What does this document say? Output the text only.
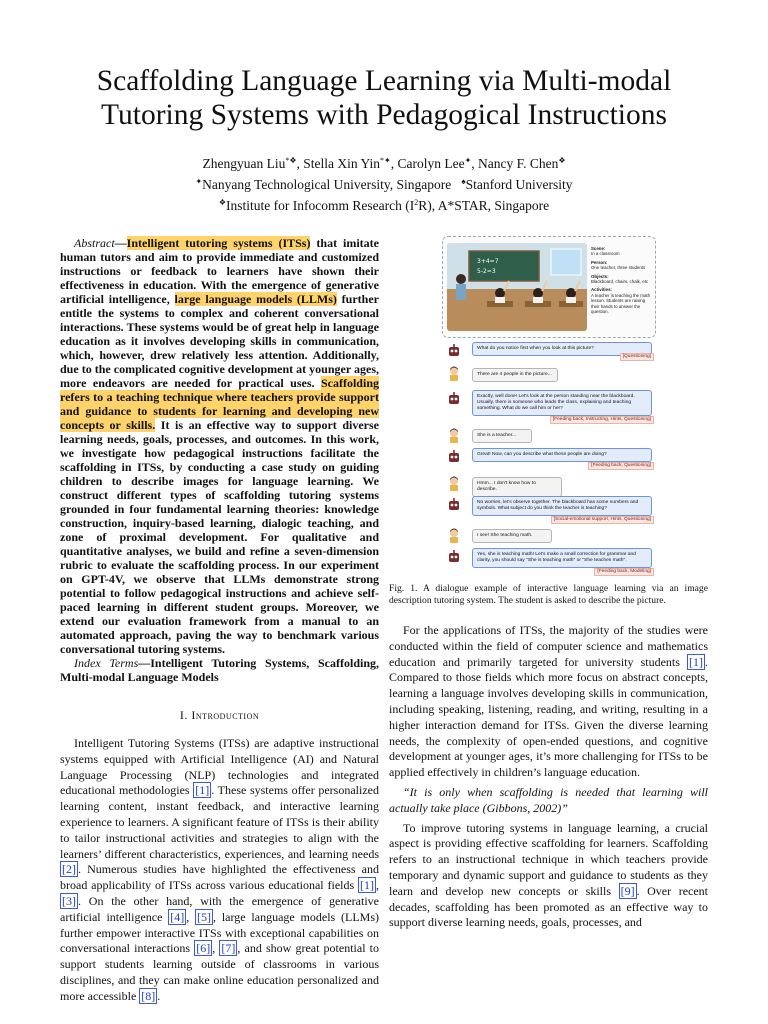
Scaffolding Language Learning via Multi-modal
Tutoring Systems with Pedagogical Instructions
Zhengyuan Liu*❖, Stella Xin Yin*✦, Carolyn Lee✦, Nancy F. Chen❖
✦Nanyang Technological University, Singapore ♠Stanford University
❖Institute for Infocomm Research $(I^2R)$, A*STAR, Singapore

Abstract—Intelligent tutoring systems (ITSs) that imitate human tutors and aim to provide immediate and customized instructions or feedback to learners have shown their effectiveness in education. With the emergence of generative artificial intelligence, large language models (LLMs) further entitle the systems to complex and coherent conversational interactions. These systems would be of great help in language education as it involves developing skills in communication, which, however, drew relatively less attention. Additionally, due to the complicated cognitive development at younger ages, more endeavors are needed for practical uses. Scaffolding refers to a teaching technique where teachers provide support and guidance to students for learning and developing new concepts or skills. It is an effective way to support diverse learning needs, goals, processes, and outcomes. In this work, we investigate how pedagogical instructions facilitate the scaffolding in ITSs, by conducting a case study on guiding children to describe images for language learning. We construct different types of scaffolding tutoring systems grounded in four fundamental learning theories: knowledge construction, inquiry-based learning, dialogic teaching, and zone of proximal development. For qualitative and quantitative analyses, we build and refine a seven-dimension rubric to evaluate the scaffolding process. In our experiment on GPT-4V, we observe that LLMs demonstrate strong potential to follow pedagogical instructions and achieve self-paced learning in different student groups. Moreover, we extend our evaluation framework from a manual to an automated approach, paving the way to benchmark various conversational tutoring systems.

Index Terms—Intelligent Tutoring Systems, Scaffolding, Multi-modal Language Models

I. Introduction

Intelligent Tutoring Systems (ITSs) are adaptive instructional systems equipped with Artificial Intelligence (AI) and Natural Language Processing (NLP) technologies and integrated educational methodologies [1] . These systems offer personalized learning content, instant feedback, and interactive learning experience to learners. A significant feature of ITSs is their ability to tailor instructional activities and strategies to align with the learners’ different characteristics, experiences, and learning needs [2] . Numerous studies have highlighted the effectiveness and broad applicability of ITSs across various educational fields [1] , [3] . On the other hand, with the emergence of generative artificial intelligence [4] , [5] , large language models (LLMs) further empower interactive ITSs with exceptional capabilities on conversational interactions [6] , [7] , and show great potential to support students learning outside of classrooms in various disciplines, and they can make online education personalized and more accessible [8] .

3+4=7
5-2=3
Scene:
In a classroom
Person:
One teacher, three students
Objects:
Blackboard, chairs, chalk, etc
Activities:
A teacher is teaching the math lesson. Students are raising their hands to answer the question.
What do you notice first when you look at this picture?
[Questioning]
There are 4 people in the picture...
Exactly, well done! Let's look at the person standing near the blackboard. Usually, there is someone who leads the class, explaining and teaching something. What do we call him or her?
[Feeding back, Instructing, Hints, Questioning]
She is a teacher...
Great! Now, can you describe what these people are doing?
[Feeding back, Questioning]
Hmm... I don't know how to describe.
No worries, let's observe together. The blackboard has some numbers and symbols. What subject do you think the teacher is teaching?
[Social-emotional support, Hints, Questioning]
I see! She teaching math.
Yes, she is teaching math! Let's make a small correction for grammar and clarity, you should say "She is teaching math" or "She teaches math".
[Feeding back, Modeling]
Fig. 1. A dialogue example of interactive language learning via an image description tutoring system. The student is asked to describe the picture.

For the applications of ITSs, the majority of the studies were conducted within the field of computer science and mathematics education and primarily targeted for university students [1] . Compared to those fields which more focus on abstract concepts, learning a language involves developing skills in communication, including speaking, listening, reading, and writing, resulting in a higher interaction demand for ITSs. Given the diverse learning needs, the complexity of open-ended questions, and cognitive development at younger ages, it’s more challenging for ITSs to be applied effectively in children’s language education.

“It is only when scaffolding is needed that learning will actually take place (Gibbons, 2002)”

To improve tutoring systems in language learning, a crucial aspect is providing effective scaffolding for learners. Scaffolding refers to an instructional technique in which teachers provide temporary and dynamic support and guidance to students as they learn and develop new concepts or skills [9] . Over recent decades, scaffolding has been promoted as an effective way to support diverse learning needs, goals, processes, and
